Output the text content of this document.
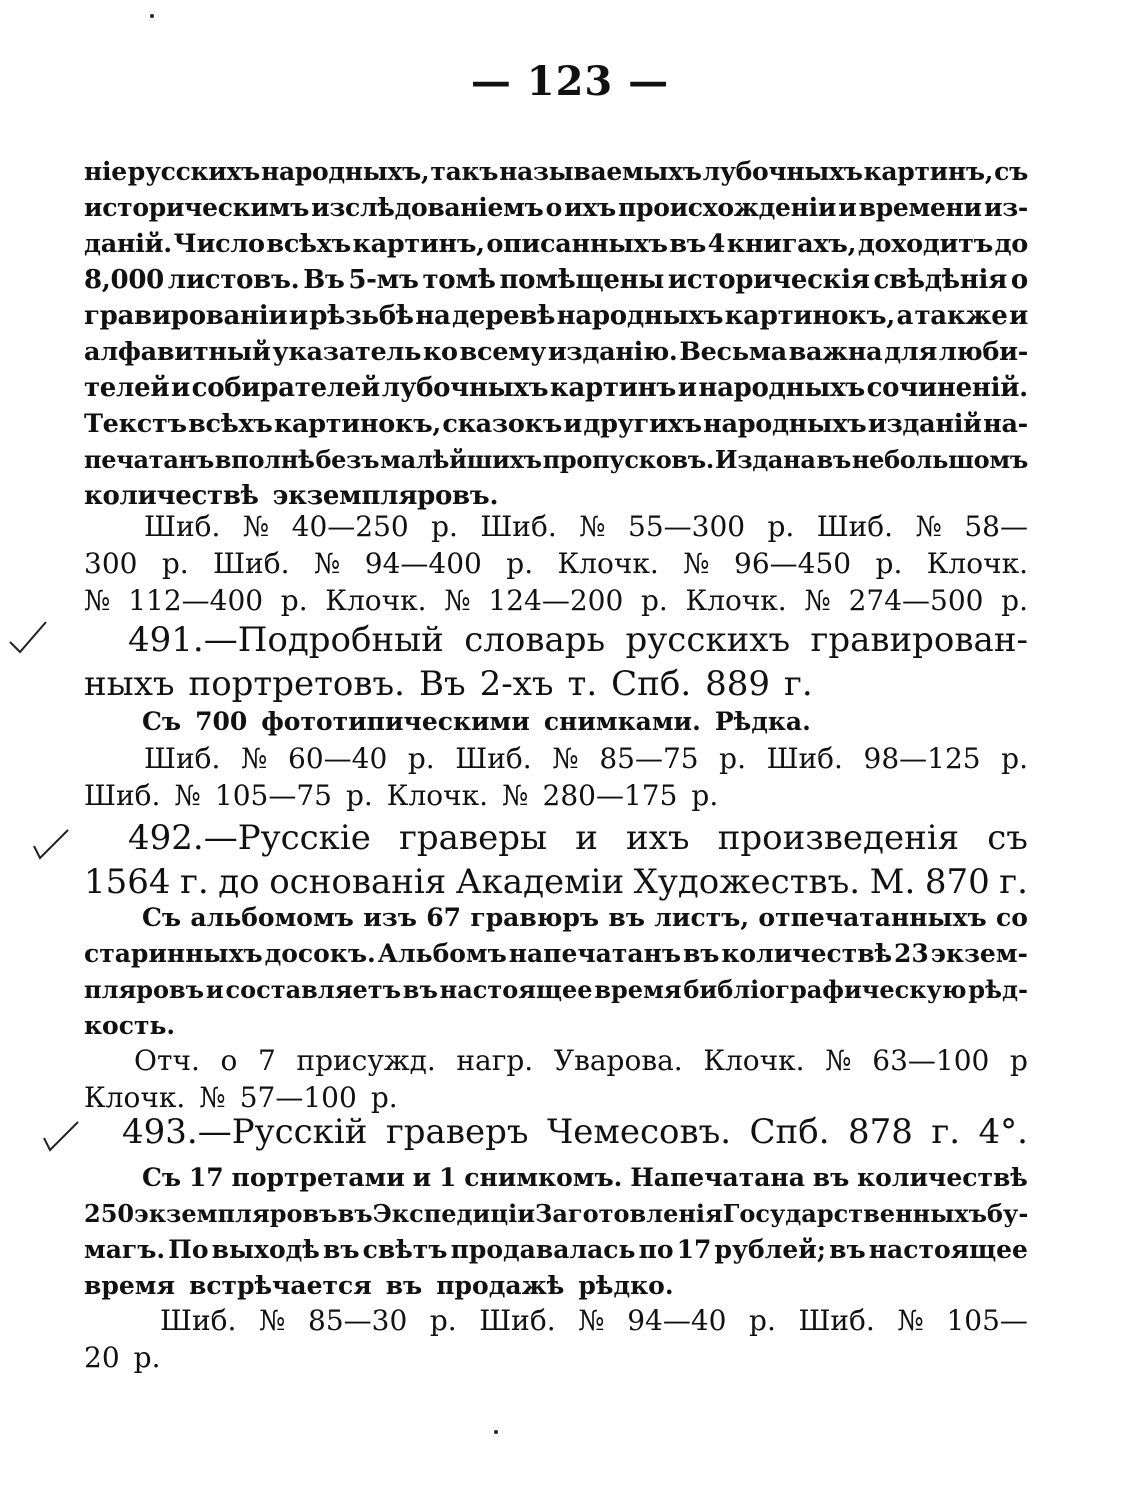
— 123 —
ніе русскихъ народныхъ, такъ называемыхъ лубочныхъ картинъ, съ
историческимъ изслѣдованіемъ о ихъ происхожденіи и времени из-
даній. Число всѣхъ картинъ, описанныхъ въ 4 книгахъ, доходитъ до
8,000 листовъ. Въ 5-мъ томѣ помѣщены историческія свѣдѣнія о
гравированіи и рѣзьбѣ на деревѣ народныхъ картинокъ, а также и
алфавитный указатель ко всему изданію. Весьма важна для люби-
телей и собирателей лубочныхъ картинъ и народныхъ сочиненій.
Текстъ всѣхъ картинокъ, сказокъ и другихъ народныхъ изданій на-
печатанъ вполнѣ безъ малѣйшихъ пропусковъ. Издана въ небольшомъ
количествѣ экземпляровъ.
Шиб. № 40—250 р. Шиб. № 55—300 р. Шиб. № 58—
300 р. Шиб. № 94—400 р. Клочк. № 96—450 р. Клочк.
№ 112—400 р. Клочк. № 124—200 р. Клочк. № 274—500 р.
491.—Подробный словарь русскихъ гравирован-
ныхъ портретовъ. Въ 2-хъ т. Спб. 889 г.
Съ 700 фототипическими снимками. Рѣдка.
Шиб. № 60—40 р. Шиб. № 85—75 р. Шиб. 98—125 р.
Шиб. № 105—75 р. Клочк. № 280—175 р.
492.—Русскіе граверы и ихъ произведенія съ
1564 г. до основанія Академіи Художествъ. М. 870 г.
Съ альбомомъ изъ 67 гравюръ въ листъ, отпечатанныхъ со
старинныхъ досокъ. Альбомъ напечатанъ въ количествѣ 23 экзем-
пляровъ и составляетъ въ настоящее время библіографическую рѣд-
кость.
Отч. о 7 присужд. нагр. Уварова. Клочк. № 63—100 р
Клочк. № 57—100 р.
493.—Русскій граверъ Чемесовъ. Спб. 878 г. 4°.
Съ 17 портретами и 1 снимкомъ. Напечатана въ количествѣ
250 экземпляровъ въ Экспедиціи Заготовленія Государственныхъ бу-
магъ. По выходѣ въ свѣтъ продавалась по 17 рублей; въ настоящее
время встрѣчается въ продажѣ рѣдко.
Шиб. № 85—30 р. Шиб. № 94—40 р. Шиб. № 105—
20 р.
